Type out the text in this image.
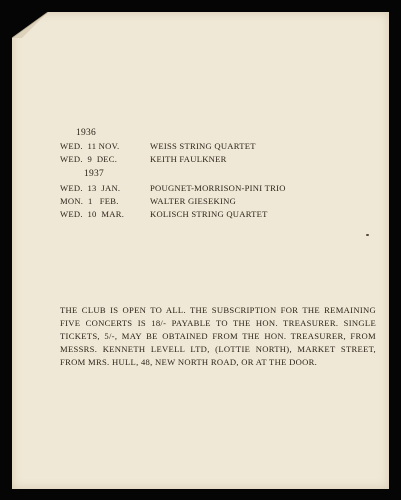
1936
WED.  11 NOV.	WEISS STRING QUARTET
WED.  9  DEC.	KEITH FAULKNER
1937
WED.  13  JAN.	POUGNET-MORRISON-PINI TRIO
MON.  1   FEB.	WALTER GIESEKING
WED.  10  MAR.	KOLISCH STRING QUARTET
THE CLUB IS OPEN TO ALL. THE SUBSCRIPTION FOR THE REMAINING FIVE CONCERTS IS 18/- PAYABLE TO THE HON. TREASURER. SINGLE TICKETS, 5/-, MAY BE OBTAINED FROM THE HON. TREASURER, FROM MESSRS. KENNETH LEVELL LTD, (LOTTIE NORTH), MARKET STREET, FROM MRS. HULL, 48, NEW NORTH ROAD, OR AT THE DOOR.
